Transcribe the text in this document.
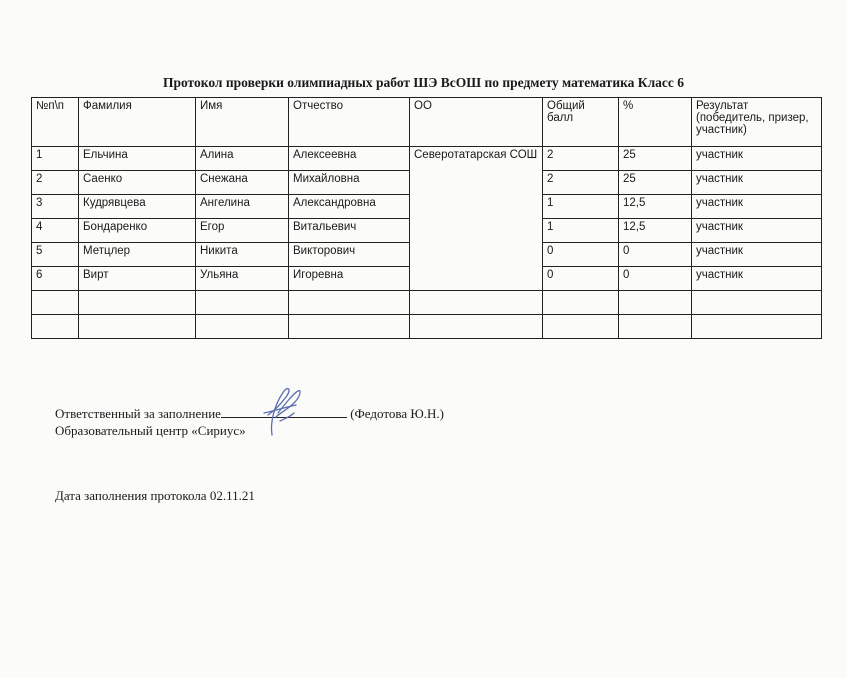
Протокол проверки олимпиадных работ ШЭ ВсОШ по предмету математика Класс 6
№п\п	Фамилия	Имя	Отчество	ОО	Общий балл	%	Результат (победитель, призер, участник)
1	Ельчина	Алина	Алексеевна	Северотатарская СОШ	2	25	участник
2	Саенко	Снежана	Михайловна		2	25	участник
3	Кудрявцева	Ангелина	Александровна		1	12,5	участник
4	Бондаренко	Егор	Витальевич		1	12,5	участник
5	Метцлер	Никита	Викторович		0	0	участник
6	Вирт	Ульяна	Игоревна		0	0	участник

Ответственный за заполнение	(Федотова Ю.Н.)
Образовательный центр «Сириус»
Дата заполнения протокола 02.11.21
